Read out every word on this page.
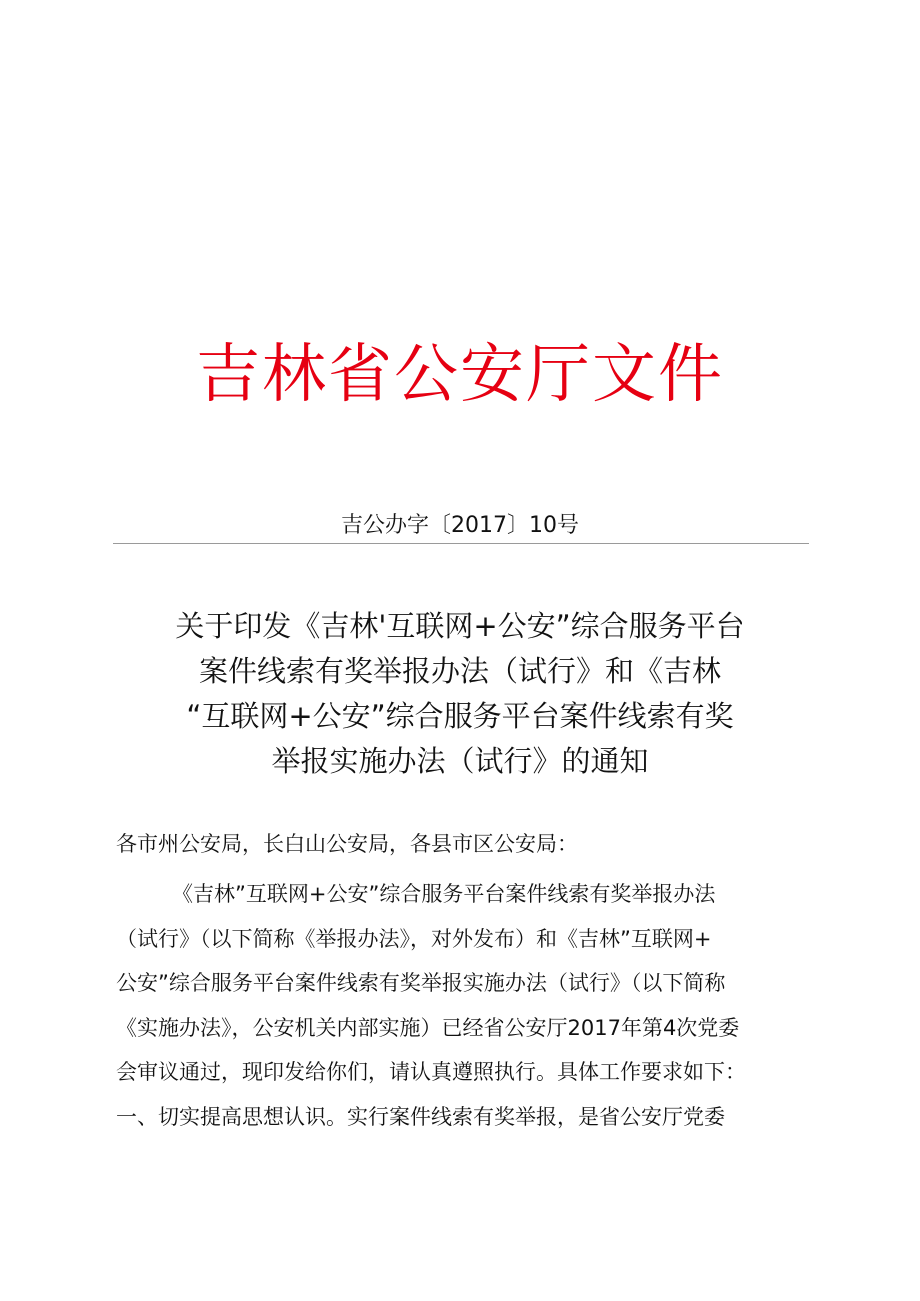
吉林省公安厅文件
吉公办字〔2017〕10号
关于印发《吉林'互联网+公安”综合服务平台
案件线索有奖举报办法（试行》和《吉林
“互联网+公安”综合服务平台案件线索有奖
举报实施办法（试行》的通知
各市州公安局，长白山公安局，各县市区公安局：
《吉林”互联网+公安”综合服务平台案件线索有奖举报办法
（试行》（以下简称《举报办法》，对外发布）和《吉林”互联网+
公安”综合服务平台案件线索有奖举报实施办法（试行》（以下简称
《实施办法》，公安机关内部实施）已经省公安厅2017年第4次党委
会审议通过，现印发给你们，请认真遵照执行。具体工作要求如下：
一、切实提高思想认识。实行案件线索有奖举报，是省公安厅党委
